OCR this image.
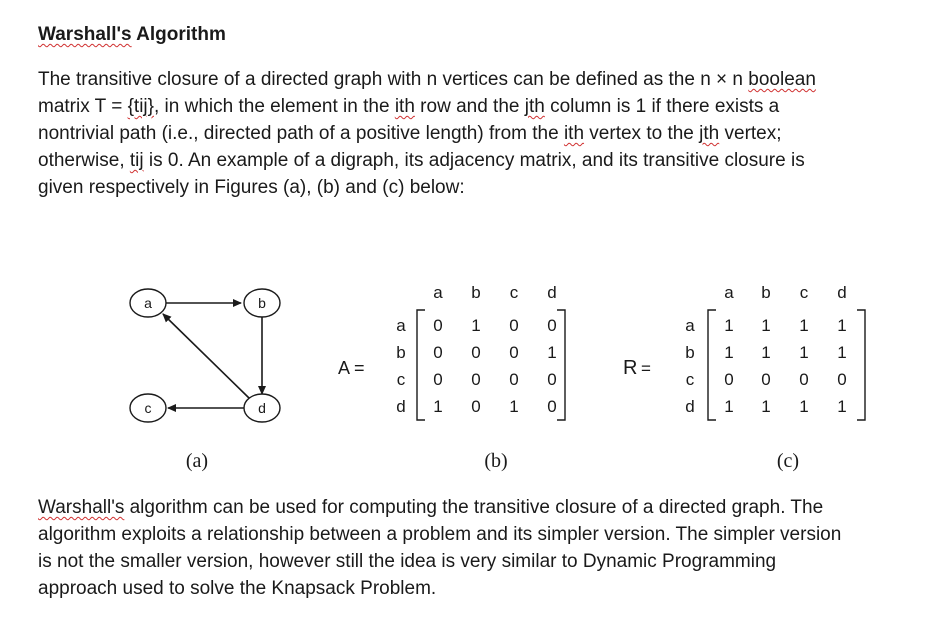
Warshall's Algorithm
The transitive closure of a directed graph with n vertices can be defined as the n × n boolean
matrix T = {tij}, in which the element in the ith row and the jth column is 1 if there exists a
nontrivial path (i.e., directed path of a positive length) from the ith vertex to the jth vertex;
otherwise, tij is 0. An example of a digraph, its adjacency matrix, and its transitive closure is
given respectively in Figures (a), (b) and (c) below:
a	b
c	d
(a)
A =
a b c d
a
b
c
d
0 1 0 0
0 0 0 1
0 0 0 0
1 0 1 0
(b)
R =
a b c d
a
b
c
d
1 1 1 1
1 1 1 1
0 0 0 0
1 1 1 1
(c)
Warshall's algorithm can be used for computing the transitive closure of a directed graph. The
algorithm exploits a relationship between a problem and its simpler version. The simpler version
is not the smaller version, however still the idea is very similar to Dynamic Programming
approach used to solve the Knapsack Problem.
